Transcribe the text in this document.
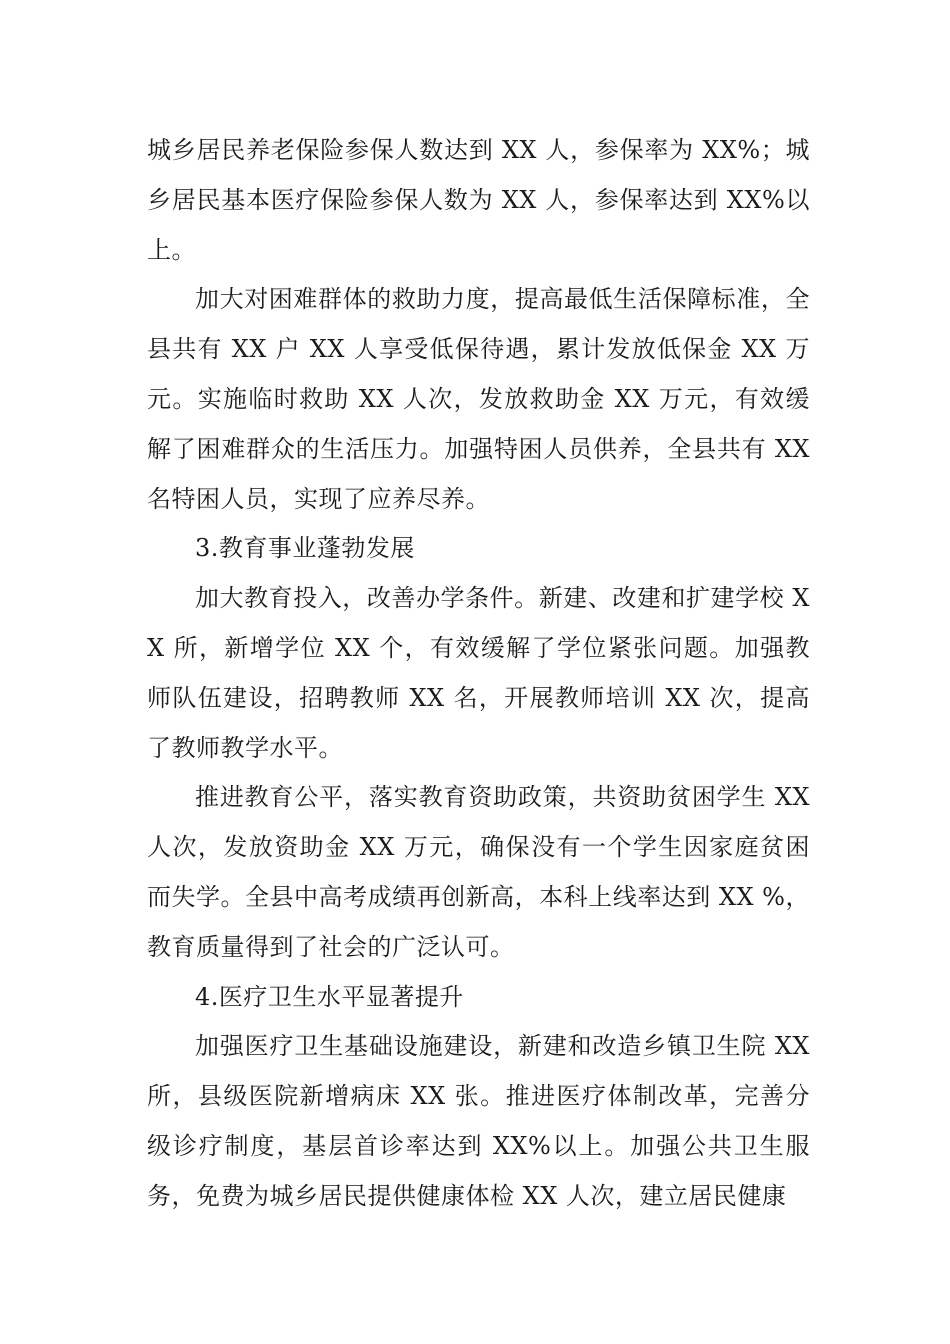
城乡居民养老保险参保人数达到 XX 人，参保率为 XX%；城乡居民基本医疗保险参保人数为 XX 人，参保率达到 XX%以上。

加大对困难群体的救助力度，提高最低生活保障标准，全县共有 XX 户 XX 人享受低保待遇，累计发放低保金 XX 万元。实施临时救助 XX 人次，发放救助金 XX 万元，有效缓解了困难群众的生活压力。加强特困人员供养，全县共有 XX 名特困人员，实现了应养尽养。

3.教育事业蓬勃发展

加大教育投入，改善办学条件。新建、改建和扩建学校 XX 所，新增学位 XX 个，有效缓解了学位紧张问题。加强教师队伍建设，招聘教师 XX 名，开展教师培训 XX 次，提高了教师教学水平。

推进教育公平，落实教育资助政策，共资助贫困学生 XX 人次，发放资助金 XX 万元，确保没有一个学生因家庭贫困而失学。全县中高考成绩再创新高，本科上线率达到 XX %，教育质量得到了社会的广泛认可。

4.医疗卫生水平显著提升

加强医疗卫生基础设施建设，新建和改造乡镇卫生院 XX 所，县级医院新增病床 XX 张。推进医疗体制改革，完善分级诊疗制度，基层首诊率达到 XX%以上。加强公共卫生服务，免费为城乡居民提供健康体检 XX 人次，建立居民健康
